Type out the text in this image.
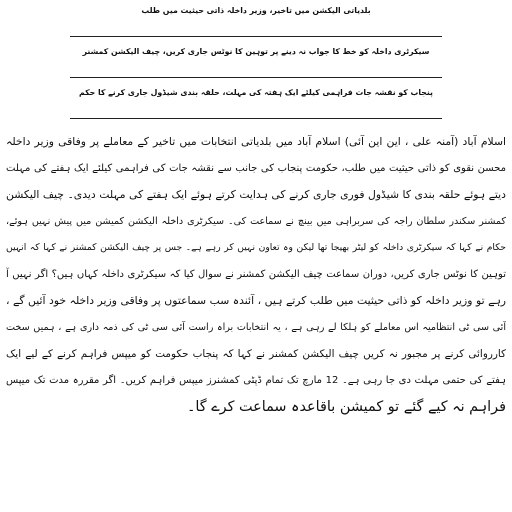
بلدیاتی الیکشن میں تاخیر، وزیر داخلہ ذاتی حیثیت میں طلب
سیکرٹری داخلہ کو خط کا جواب نہ دینے پر توہین کا نوٹس جاری کریں، چیف الیکشن کمشنر
پنجاب کو نقشہ جات فراہمی کیلئے ایک ہفتہ کی مہلت، حلقہ بندی شیڈول جاری کرنے کا حکم
اسلام آباد (آمنہ علی ، این این آئی) اسلام آباد میں بلدیاتی انتخابات میں تاخیر کے معاملے پر وفاقی وزیر داخلہ
محسن نقوی کو ذاتی حیثیت میں طلب، حکومت پنجاب کی جانب سے نقشہ جات کی فراہمی کیلئے ایک ہفتے کی مہلت
دیتے ہوئے حلقہ بندی کا شیڈول فوری جاری کرنے کی ہدایت کرتے ہوئے ایک ہفتے کی مہلت دیدی۔ چیف الیکشن
کمشنر سکندر سلطان راجہ کی سربراہی میں بینچ نے سماعت کی۔ سیکرٹری داخلہ الیکشن کمیشن میں پیش نہیں ہوئے،
حکام نے کہا کہ سیکرٹری داخلہ کو لیٹر بھیجا تھا لیکن وہ تعاون نہیں کر رہے ہے۔ جس پر چیف الیکشن کمشنر نے کہا کہ انہیں
توہین کا نوٹس جاری کریں، دوران سماعت چیف الیکشن کمشنر نے سوال کیا کہ سیکرٹری داخلہ کہاں ہیں؟ اگر نہیں آ
رہے تو وزیر داخلہ کو ذاتی حیثیت میں طلب کرتے ہیں ، آئندہ سب سماعتوں پر وفاقی وزیر داخلہ خود آئیں گے ،
آئی سی ٹی انتظامیہ اس معاملے کو ہلکا لے رہی ہے ، یہ انتخابات براہ راست آئی سی ٹی کی ذمہ داری ہے ، ہمیں سخت
کارروائی کرنے پر مجبور نہ کریں چیف الیکشن کمشنر نے کہا کہ پنجاب حکومت کو میپس فراہم کرنے کے لیے ایک
ہفتے کی حتمی مہلت دی جا رہی ہے۔ 12 مارچ تک تمام ڈپٹی کمشنرز میپس فراہم کریں۔ اگر مقررہ مدت تک میپس
فراہم نہ کیے گئے تو کمیشن باقاعدہ سماعت کرے گا۔
